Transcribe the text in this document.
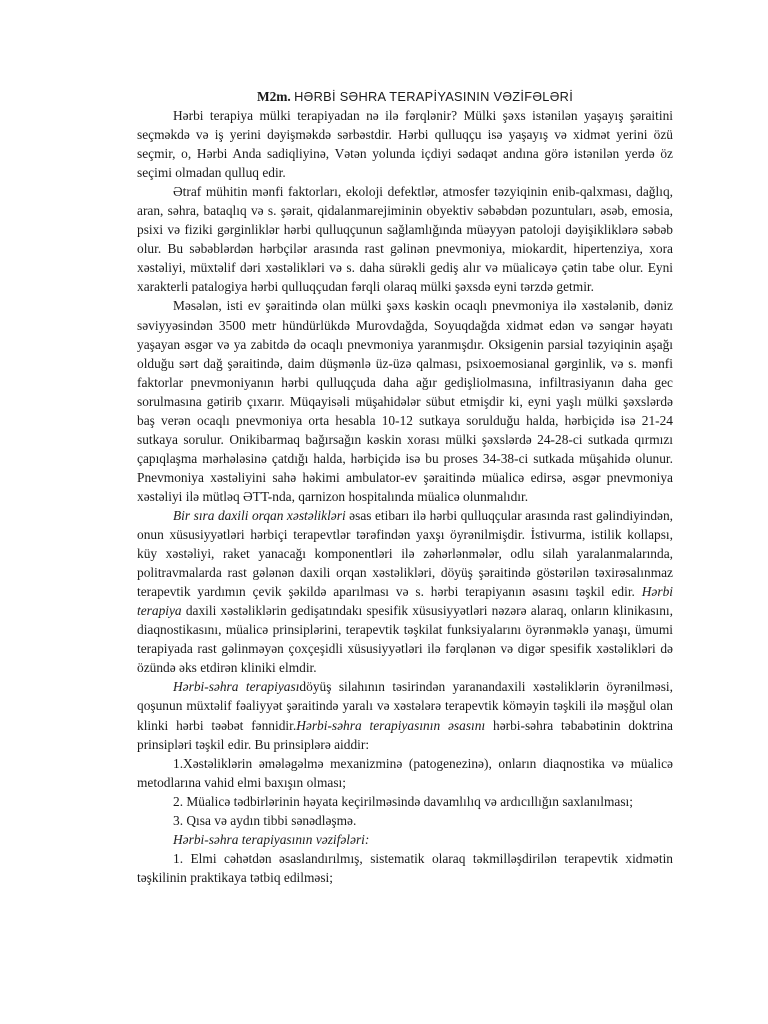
M2m. HƏRBİ SƏHRA TERAPİYASININ VƏZİFƏLƏRİ

Hərbi terapiya mülki terapiyadan nə ilə fərqlənir? Mülki şəxs istənilən yaşayış şəraitini seçməkdə və iş yerini dəyişməkdə sərbəstdir. Hərbi qulluqçu isə yaşayış və xidmət yerini özü seçmir, o, Hərbi Anda sadiqliyinə, Vətən yolunda içdiyi sədaqət andına görə istənilən yerdə öz seçimi olmadan qulluq edir.

Ətraf mühitin mənfi faktorları, ekoloji defektlər, atmosfer təzyiqinin enib-qalxması, dağlıq, aran, səhra, bataqlıq və s. şərait, qidalanmarejiminin obyektiv səbəbdən pozuntuları, əsəb, emosia, psixi və fiziki gərginliklər hərbi qulluqçunun sağlamlığında müəyyən patoloji dəyişikliklərə səbəb olur. Bu səbəblərdən hərbçilər arasında rast gəlinən pnevmoniya, miokardit, hipertenziya, xora xəstəliyi, müxtəlif dəri xəstəlikləri və s. daha sürəkli gediş alır və müalicəyə çətin tabe olur. Eyni xarakterli patalogiya hərbi qulluqçudan fərqli olaraq mülki şəxsdə eyni tərzdə getmir.

Məsələn, isti ev şəraitində olan mülki şəxs kəskin ocaqlı pnevmoniya ilə xəstələnib, dəniz səviyyəsindən 3500 metr hündürlükdə Murovdağda, Soyuqdağda xidmət edən və səngər həyatı yaşayan əsgər və ya zabitdə də ocaqlı pnevmoniya yaranmışdır. Oksigenin parsial təzyiqinin aşağı olduğu sərt dağ şəraitində, daim düşmənlə üz-üzə qalması, psixoemosianal gərginlik, və s. mənfi faktorlar pnevmoniyanın hərbi qulluqçuda daha ağır gedişliolmasına, infiltrasiyanın daha gec sorulmasına gətirib çıxarır. Müqayisəli müşahidələr sübut etmişdir ki, eyni yaşlı mülki şəxslərdə baş verən ocaqlı pnevmoniya orta hesabla 10-12 sutkaya sorulduğu halda, hərbiçidə isə 21-24 sutkaya sorulur. Onikibarmaq bağırsağın kəskin xorası mülki şəxslərdə 24-28-ci sutkada qırmızı çapıqlaşma mərhələsinə çatdığı halda, hərbiçidə isə bu proses 34-38-ci sutkada müşahidə olunur. Pnevmoniya xəstəliyini sahə həkimi ambulator-ev şəraitində müalicə edirsə, əsgər pnevmoniya xəstəliyi ilə mütləq ƏTT-nda, qarnizon hospitalında müalicə olunmalıdır.

Bir sıra daxili orqan xəstəlikləri əsas etibarı ilə hərbi qulluqçular arasında rast gəlindiyindən, onun xüsusiyyətləri hərbiçi terapevtlər tərəfindən yaxşı öyrənilmişdir. İstivurma, istilik kollapsı, küy xəstəliyi, raket yanacağı komponentləri ilə zəhərlənmələr, odlu silah yaralanmalarında, politravmalarda rast gələnən daxili orqan xəstəlikləri, döyüş şəraitində göstərilən təxirəsalınmaz terapevtik yardımın çevik şəkildə aparılması və s. hərbi terapiyanın əsasını təşkil edir. Hərbi terapiya daxili xəstəliklərin gedişatındakı spesifik xüsusiyyətləri nəzərə alaraq, onların klinikasını, diaqnostikasını, müalicə prinsiplərini, terapevtik təşkilat funksiyalarını öyrənməklə yanaşı, ümumi terapiyada rast gəlinməyən çoxçeşidli xüsusiyyətləri ilə fərqlənən və digər spesifik xəstəlikləri də özündə əks etdirən klinikі elmdir.

Hərbi-səhra terapiyasıdöyüş silahının təsirindən yaranandaxili xəstəliklərin öyrənilməsi, qoşunun müxtəlif fəaliyyət şəraitində yaralı və xəstələrə terapevtik köməyin təşkili ilə məşğul olan klinki hərbi təəbət fənnidir.Hərbi-səhra terapiyasının əsasını hərbi-səhra təbabətinin doktrina prinsipləri təşkil edir. Bu prinsiplərə aiddir:

1.Xəstəliklərin əmələgəlmə mexanizminə (patogenezinə), onların diaqnostika və müalicə metodlarına vahid elmi baxışın olması;

2. Müalicə tədbirlərinin həyata keçirilməsində davamlılıq və ardıcıllığın saxlanılması;

3. Qısa və aydın tibbi sənədləşmə.

Hərbi-səhra terapiyasının vəzifələri:

1. Elmi cəhətdən əsaslandırılmış, sistematik olaraq təkmilləşdirilən terapevtik xidmətin təşkilinin praktikaya tətbiq edilməsi;
